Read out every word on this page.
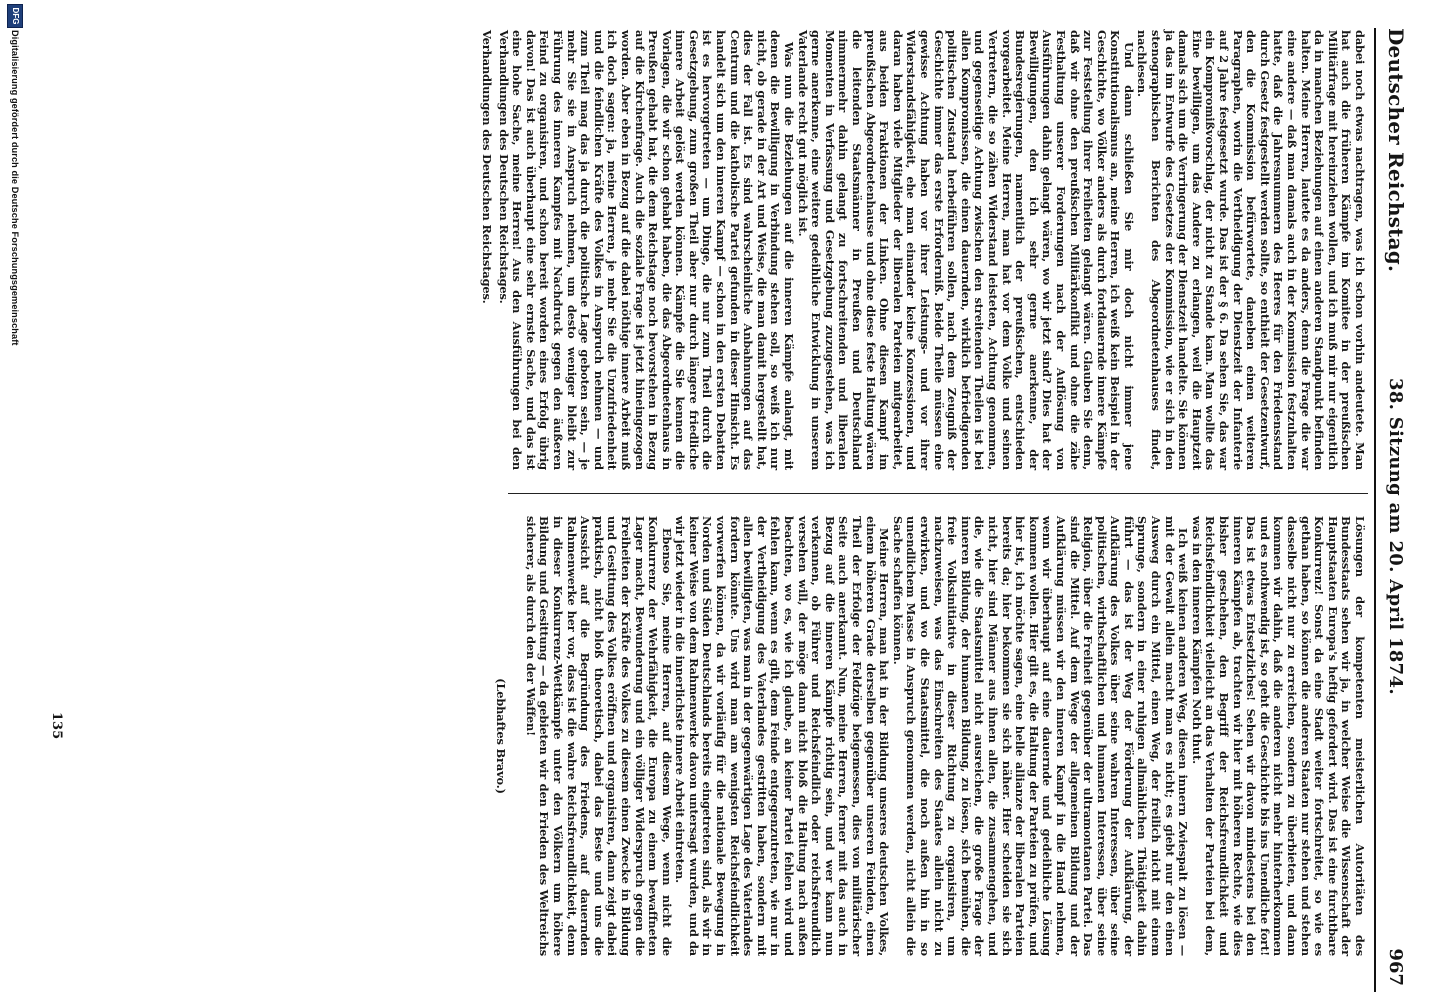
Deutscher Reichstag.
38. Sitzung am 20. April 1874.
967

dabei noch etwas nachtragen, was ich schon vorhin andeutete. Man hat auch die früheren Kämpfe im Komitee in der preußischen Militärfrage mit hereinziehen wollen, und ich muß mir nur eigentlich da in manchen Beziehungen auf einen anderen Standpunkt befinden halten. Meine Herren, lautete es da anders, denn die Frage die war eine andere — daß man damals auch in der Kommission festzuhalten hatte, daß die Jahresnummern des Heeres für den Friedensstand durch Gesetz festgestellt werden sollte, so enthielt der Gesetzentwurf, den die Kommission befürwortete, daneben einen weiteren Paragraphen, worin die Vertheidigung der Dienstzeit der Infanterie auf 2 Jahre festgesetzt wurde. Das ist der § 6. Da sehen Sie, das war ein Kompromißvorschlag, der nicht zu Stande kam. Man wollte das Eine bewilligen, um das Andere zu erlangen, weil die Hauptzeit damals sich um die Verringerung der Dienstzeit handelte. Sie können ja das im Entwurfe des Gesetzes der Kommission, wie er sich in den stenographischen Berichten des Abgeordnetenhauses findet, nachlesen.

Und dann schließen Sie mir doch nicht immer jene Konstitutionalismus an, meine Herren, ich weiß kein Beispiel in der Geschichte, wo Völker anders als durch fortdauernde innere Kämpfe zur Feststellung ihrer Freiheiten gelangt wären. Glauben Sie denn, daß wir ohne den preußischen Militärkonflikt und ohne die zähe Festhaltung unserer Forderungen nach der Auflösung von Ausführungen dahin gelangt wären, wo wir jetzt sind? Dies hat der Bewilligungen, den ich sehr gerne anerkenne, der Bundesregierungen, namentlich der preußischen, entschieden vorgearbeitet. Meine Herren, man hat vor dem Volke und seinen Vertretern, die so zähen Widerstand leisteten, Achtung genommen, und gegenseitige Achtung zwischen den streitenden Theilen ist bei allen Kompromissen, die einen dauernden, wirklich befriedigenden politischen Zustand herbeiführen sollen, nach dem Zeugniß der Geschichte immer das erste Erforderniß. Beide Theile müssen eine gewisse Achtung haben vor ihrer Leistungs- und vor ihrer Widerstandsfähigkeit, ehe man einander keine Konzessionen, und daran haben viele Mitglieder der liberalen Parteien mitgearbeitet, aus beiden Fraktionen der Linken. Ohne diesen Kampf im preußischen Abgeordnetenhause und ohne diese feste Haltung wären die leitenden Staatsmänner in Preußen und Deutschland nimmermehr dahin gelangt zu fortschreitenden und liberalen Momenten in Verfassung und Gesetzgebung zuzugestehen, was ich gerne anerkenne, eine weitere gedeihliche Entwicklung in unserem Vaterlande recht gut möglich ist.

Was nun die Beziehungen auf die inneren Kämpfe anlangt, mit denen die Bewilligung in Verbindung stehen soll, so weiß ich nur nicht, ob gerade in der Art und Weise, die man damit hergestellt hat, dies der Fall ist. Es sind wahrscheinliche Anbahnungen auf das Centrum und die katholische Partei gefunden in dieser Hinsicht. Es handelt sich um den inneren Kampf — schon in den ersten Debatten ist es hervorgetreten — um Dinge, die nur zum Theil durch die Gesetzgebung, zum großen Theil aber nur durch längere friedliche innere Arbeit gelöst werden können. Kämpfe die Sie kennen die Vorlagen, die wir schon gehabt haben, die das Abgeordnetenhaus in Preußen gehabt hat, die dem Reichstage noch bevorstehen in Bezug auf die Kirchenfrage. Auch die soziale Frage ist jetzt hineingezogen worden. Aber eben in Bezug auf die dabei nöthige innere Arbeit muß ich doch sagen: ja, meine Herren, je mehr Sie die Unzufriedenheit und die feindlichen Kräfte des Volkes in Anspruch nehmen — und zum Theil mag das ja durch die politische Lage geboten sein, — je mehr Sie sie in Anspruch nehmen, um desto weniger bleibt zur Führung des inneren Kampfes mit Nachdruck gegen den äußeren Feind zu organisiren, und schon bereit worden eines Erfolg übrig davon! Das ist auch überhaupt eine sehr ernste Sache, und das ist eine hohe Sache, meine Herren! Aus den Ausführungen bei den Verhandlungen des Deutschen Reichstages.

Verhandlungen des Deutschen Reichstages.

Lösungen der kompetenten meisterlichen Autoritäten des Bundesstaats sehen wir ja, in welcher Weise die Wissenschaft der Hauptstaaten Europa's heftig gefordert wird. Das ist eine furchtbare Konkurrenz! Sonst da eine Stadt weiter fortschreitet, so wie es gethan haben, so können die anderen Staaten nur stehen und stehen dasselbe nicht nur zu erreichen, sondern zu überbieten, und dann kommen wir dahin, daß die anderen nicht mehr hinterherkommen und es nothwendig ist, so geht die Geschichte bis ins Unendliche fort! Das ist etwas Entsetzliches! Sehen wir davon mindestens bei den inneren Kämpfen ab, trachten wir hier mit höheren Rechte, wie dies bisher geschehen, den Begriff der Reichsfreundlichkeit und Reichsfeindlichkeit vielleicht an das Verhalten der Parteien bei dem, was in den inneren Kämpfen Noth thut.

Ich weiß keinen anderen Weg, diesen innern Zwiespalt zu lösen — mit der Gewalt allein macht man es nicht; es giebt nur den einen Ausweg durch ein Mittel, einen Weg, der freilich nicht mit einem Sprunge, sondern in einer ruhigen allmählichen Thätigkeit dahin führt — das ist der Weg der Förderung der Aufklärung, der Aufklärung des Volkes über seine wahren Interessen, über seine politischen, wirthschaftlichen und humanen Interessen, über seine Religion, über die Freiheit gegenüber der ultramontanen Partei. Das sind die Mittel. Auf dem Wege der allgemeinen Bildung und der Aufklärung müssen wir den inneren Kampf in die Hand nehmen, wenn wir überhaupt auf eine dauernde und gedeihliche Lösung kommen wollen. Hier gilt es, die Haltung der Parteien zu prüfen, und hier ist, ich möchte sagen, eine helle allianze der liberalen Parteien bereits da; hier bekommen sie sich näher. Hier scheiden sie sich nicht, hier sind Männer aus ihnen allen, die zusammengehen, und die, wie die Staatsmittel nicht ausreichen, die große Frage der inneren Bildung, der humanen Bildung, zu lösen, sich bemühen, die freie Volksinitiative in dieser Richtung zu organisiren, um nachzuweisen, was das Einschreiten des Staates allein nicht zu erwirken, und wo die Staatsmittel, die noch außen hin in so unendlichem Masse in Anspruch genommen werden, nicht allein die Sache schaffen können.

Meine Herren, man hat in der Bildung unseres deutschen Volkes, einem höheren Grade derselben gegenüber unseren Feinden, einen Theil der Erfolge der Feldzüge beigemessen, dies von militärischer Seite auch anerkannt. Nun, meine Herren, ferner mit das auch in Bezug auf die inneren Kämpfe richtig sein, und wer kann nun verkennen, ob Führer und Reichsfeindlich oder reichsfreundlich versehen will, der möge dann nicht bloß die Haltung nach außen beachten, wo es, wie ich glaube, an keiner Partei fehlen wird und fehlen kann, wenn es gilt, dem Feinde entgegenzutreten, wie nur in der Vertheidigung des Vaterlandes gestritten haben, sondern mit allen bewilligten, was man in der gegenwärtigen Lage des Vaterlandes fordern könnte. Uns wird man am wenigsten Reichsfeindlichkeit vorwerfen können, da wir vorläufig für die nationale Bewegung in Norden und Süden Deutschlands bereits eingetreten sind, als wir in keiner Weise von dem Rahmenwerke davon untersagt wurden, und da wir jetzt wieder in die innerlichste innere Arbeit eintreten.

Ebenso Sie, meine Herren, auf diesem Wege, wenn nicht die Konkurrenz der Wehrfähigkeit, die Europa zu einem bewaffneten Lager macht, Bewunderung und ein völliger Widerspruch gegen die Freiheiten der Kräfte des Volkes zu diesem einen Zwecke in Bildung und Gesittung des Volkes eröffnen und organisiren, dann zeigt dabei praktisch, nicht bloß theoretisch, dabei das Beste und uns die Aussicht auf die Begründung des Friedens, auf dauernden Rahmenwerke her vor, dass ist die wahre Reichsfreundlichkeit, denn in dieser Konkurrenz-Wettkämpfe unter den Völkern um höhere Bildung und Gesittung — da gebieten wir den Frieden des Weltreichs sicherer, als durch den der Waffen!

(Lebhaftes Bravo.)

135
DFG
Digitalisierung gefördert durch die Deutsche Forschungsgemeinschaft
